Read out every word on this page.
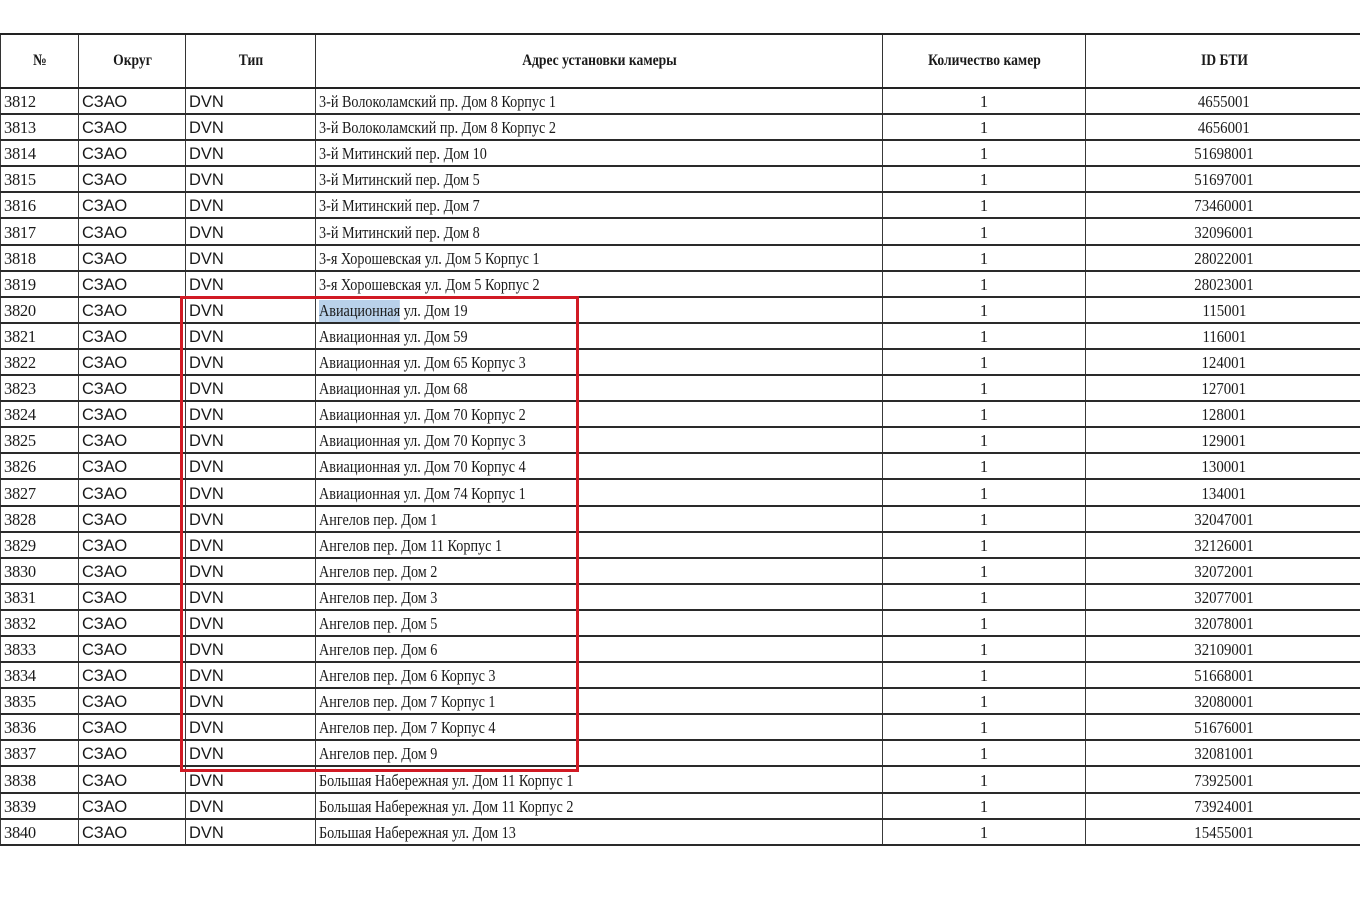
№	Округ	Тип	Адрес установки камеры	Количество камер	ID БТИ
3812	СЗАО	DVN	3-й Волоколамский пр. Дом 8 Корпус 1	1	4655001
3813	СЗАО	DVN	3-й Волоколамский пр. Дом 8 Корпус 2	1	4656001
3814	СЗАО	DVN	3-й Митинский пер. Дом 10	1	51698001
3815	СЗАО	DVN	3-й Митинский пер. Дом 5	1	51697001
3816	СЗАО	DVN	3-й Митинский пер. Дом 7	1	73460001
3817	СЗАО	DVN	3-й Митинский пер. Дом 8	1	32096001
3818	СЗАО	DVN	3-я Хорошевская ул. Дом 5 Корпус 1	1	28022001
3819	СЗАО	DVN	3-я Хорошевская ул. Дом 5 Корпус 2	1	28023001
3820	СЗАО	DVN	Авиационная ул. Дом 19	1	115001
3821	СЗАО	DVN	Авиационная ул. Дом 59	1	116001
3822	СЗАО	DVN	Авиационная ул. Дом 65 Корпус 3	1	124001
3823	СЗАО	DVN	Авиационная ул. Дом 68	1	127001
3824	СЗАО	DVN	Авиационная ул. Дом 70 Корпус 2	1	128001
3825	СЗАО	DVN	Авиационная ул. Дом 70 Корпус 3	1	129001
3826	СЗАО	DVN	Авиационная ул. Дом 70 Корпус 4	1	130001
3827	СЗАО	DVN	Авиационная ул. Дом 74 Корпус 1	1	134001
3828	СЗАО	DVN	Ангелов пер. Дом 1	1	32047001
3829	СЗАО	DVN	Ангелов пер. Дом 11 Корпус 1	1	32126001
3830	СЗАО	DVN	Ангелов пер. Дом 2	1	32072001
3831	СЗАО	DVN	Ангелов пер. Дом 3	1	32077001
3832	СЗАО	DVN	Ангелов пер. Дом 5	1	32078001
3833	СЗАО	DVN	Ангелов пер. Дом 6	1	32109001
3834	СЗАО	DVN	Ангелов пер. Дом 6 Корпус 3	1	51668001
3835	СЗАО	DVN	Ангелов пер. Дом 7 Корпус 1	1	32080001
3836	СЗАО	DVN	Ангелов пер. Дом 7 Корпус 4	1	51676001
3837	СЗАО	DVN	Ангелов пер. Дом 9	1	32081001
3838	СЗАО	DVN	Большая Набережная ул. Дом 11 Корпус 1	1	73925001
3839	СЗАО	DVN	Большая Набережная ул. Дом 11 Корпус 2	1	73924001
3840	СЗАО	DVN	Большая Набережная ул. Дом 13	1	15455001
